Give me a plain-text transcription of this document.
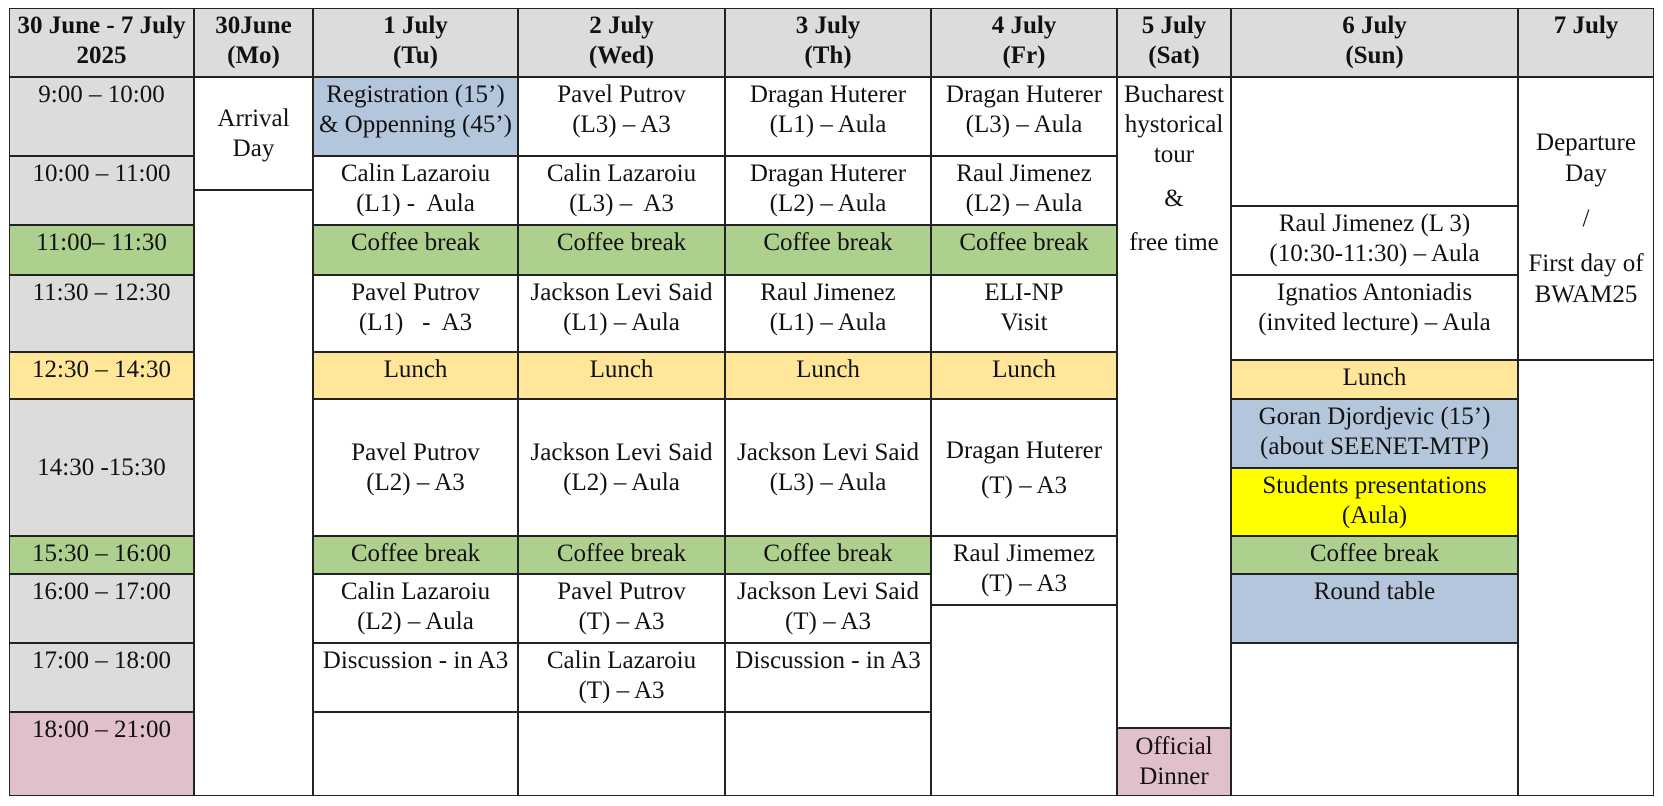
30 June - 7 July
2025
30June
(Mo)
1 July
(Tu)
2 July
(Wed)
3 July
(Th)
4 July
(Fr)
5 July
(Sat)
6 July
(Sun)
7 July
9:00 – 10:00
10:00 – 11:00
11:00– 11:30
11:30 – 12:30
12:30 – 14:30
14:30 -15:30
15:30 – 16:00
16:00 – 17:00
17:00 – 18:00
18:00 – 21:00
Arrival
Day
Registration (15’)
& Oppenning (45’)
Calin Lazaroiu
(L1) -  Aula
Coffee break
Pavel Putrov
(L1)   -  A3
Lunch
Pavel Putrov
(L2) – A3
Coffee break
Calin Lazaroiu
(L2) – Aula
Discussion - in A3
Pavel Putrov
(L3) – A3
Calin Lazaroiu
(L3) –  A3
Coffee break
Jackson Levi Said
(L1) – Aula
Lunch
Jackson Levi Said
(L2) – Aula
Coffee break
Pavel Putrov
(T) – A3
Calin Lazaroiu
(T) – A3
Dragan Huterer
(L1) – Aula
Dragan Huterer
(L2) – Aula
Coffee break
Raul Jimenez
(L1) – Aula
Lunch
Jackson Levi Said
(L3) – Aula
Coffee break
Jackson Levi Said
(T) – A3
Discussion - in A3
Dragan Huterer
(L3) – Aula
Raul Jimenez
(L2) – Aula
Coffee break
ELI-NP
Visit
Lunch
Dragan Huterer
(T) – A3
Raul Jimemez
(T) – A3
Bucharest
hystorical
tour

&

free time
Official
Dinner
Raul Jimenez (L 3)
(10:30-11:30) – Aula
Ignatios Antoniadis
(invited lecture) – Aula
Lunch
Goran Djordjevic (15’)
(about SEENET-MTP)
Students presentations
(Aula)
Coffee break
Round table
Departure
Day

/

First day of
BWAM25
